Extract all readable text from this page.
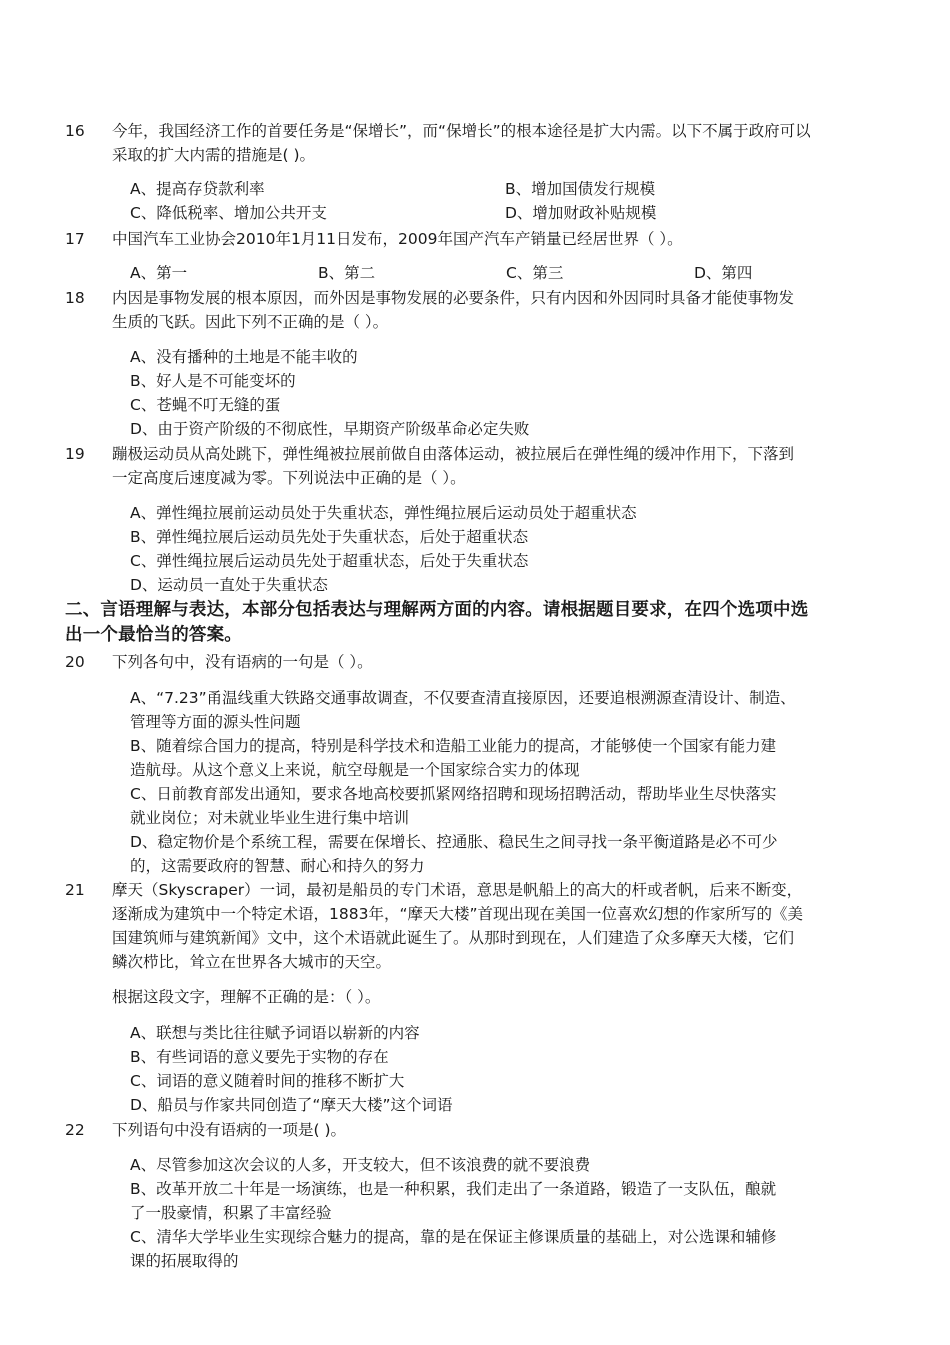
16 今年，我国经济工作的首要任务是“保增长”，而“保增长”的根本途径是扩大内需。以下不属于政府可以
采取的扩大内需的措施是( )。
A、提高存贷款利率	B、增加国债发行规模
C、降低税率、增加公共开支	D、增加财政补贴规模
17 中国汽车工业协会2010年1月11日发布，2009年国产汽车产销量已经居世界（ ）。
A、第一	B、第二	C、第三	D、第四
18 内因是事物发展的根本原因，而外因是事物发展的必要条件，只有内因和外因同时具备才能使事物发
生质的飞跃。因此下列不正确的是（ ）。
A、没有播种的土地是不能丰收的
B、好人是不可能变坏的
C、苍蝇不叮无缝的蛋
D、由于资产阶级的不彻底性，早期资产阶级革命必定失败
19 蹦极运动员从高处跳下，弹性绳被拉展前做自由落体运动，被拉展后在弹性绳的缓冲作用下，下落到
一定高度后速度减为零。下列说法中正确的是（ ）。
A、弹性绳拉展前运动员处于失重状态，弹性绳拉展后运动员处于超重状态
B、弹性绳拉展后运动员先处于失重状态，后处于超重状态
C、弹性绳拉展后运动员先处于超重状态，后处于失重状态
D、运动员一直处于失重状态
二、言语理解与表达，本部分包括表达与理解两方面的内容。请根据题目要求，在四个选项中选
出一个最恰当的答案。
20 下列各句中，没有语病的一句是（ ）。
A、“7.23”甬温线重大铁路交通事故调查，不仅要查清直接原因，还要追根溯源查清设计、制造、
管理等方面的源头性问题
B、随着综合国力的提高，特别是科学技术和造船工业能力的提高，才能够使一个国家有能力建
造航母。从这个意义上来说，航空母舰是一个国家综合实力的体现
C、日前教育部发出通知，要求各地高校要抓紧网络招聘和现场招聘活动，帮助毕业生尽快落实
就业岗位；对未就业毕业生进行集中培训
D、稳定物价是个系统工程，需要在保增长、控通胀、稳民生之间寻找一条平衡道路是必不可少
的，这需要政府的智慧、耐心和持久的努力
21 摩天（Skyscraper）一词，最初是船员的专门术语，意思是帆船上的高大的杆或者帆，后来不断变，
逐渐成为建筑中一个特定术语，1883年，“摩天大楼”首现出现在美国一位喜欢幻想的作家所写的《美
国建筑师与建筑新闻》文中，这个术语就此诞生了。从那时到现在，人们建造了众多摩天大楼，它们
鳞次栉比，耸立在世界各大城市的天空。
根据这段文字，理解不正确的是：（ ）。
A、联想与类比往往赋予词语以崭新的内容
B、有些词语的意义要先于实物的存在
C、词语的意义随着时间的推移不断扩大
D、船员与作家共同创造了“摩天大楼”这个词语
22 下列语句中没有语病的一项是( )。
A、尽管参加这次会议的人多，开支较大，但不该浪费的就不要浪费
B、改革开放二十年是一场演练，也是一种积累，我们走出了一条道路，锻造了一支队伍，酿就
了一股豪情，积累了丰富经验
C、清华大学毕业生实现综合魅力的提高，靠的是在保证主修课质量的基础上，对公选课和辅修
课的拓展取得的
